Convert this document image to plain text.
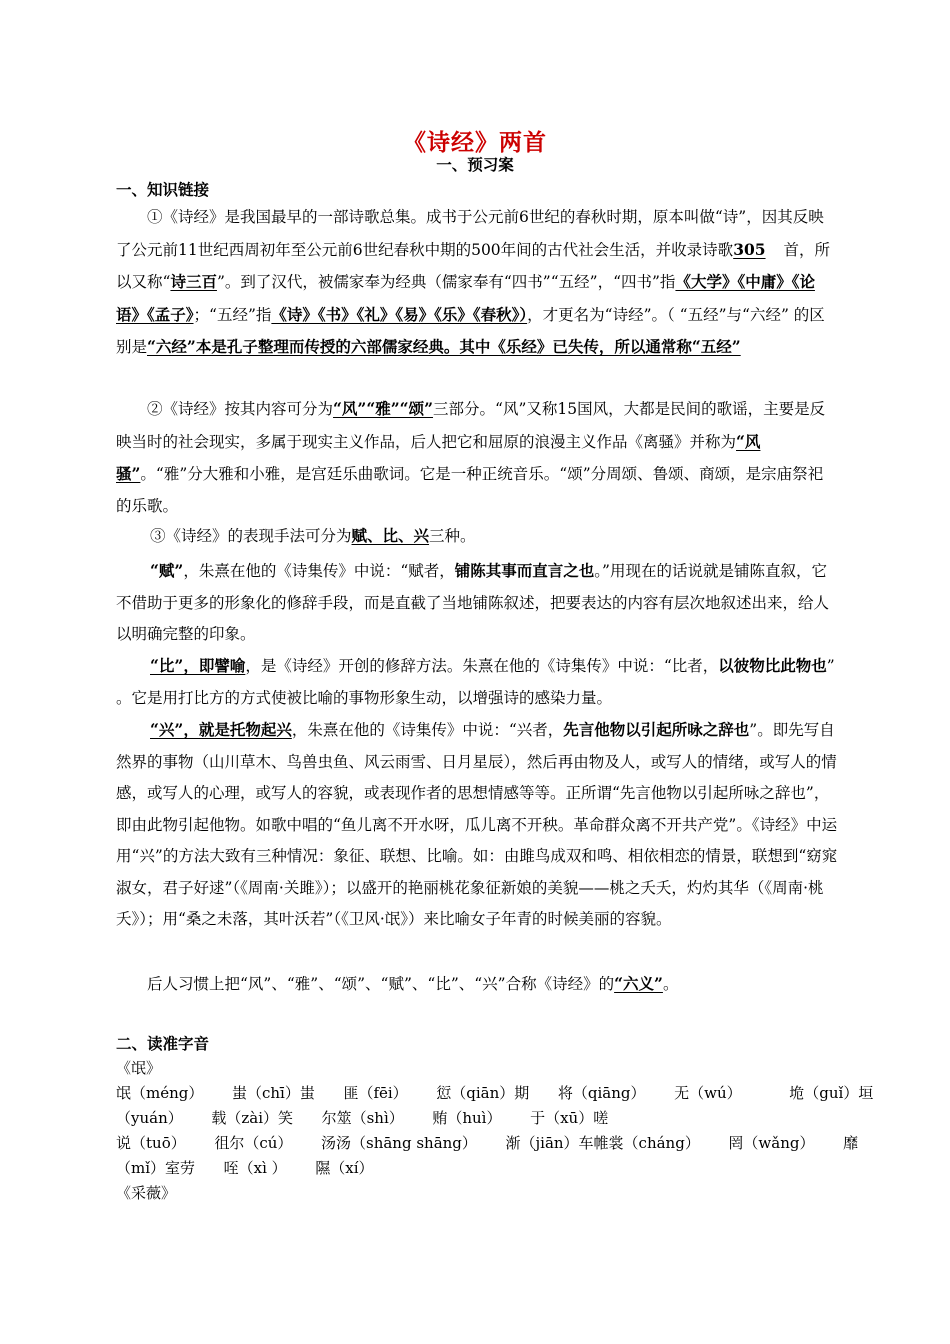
《诗经》两首
一、预习案
一、知识链接
①《诗经》是我国最早的一部诗歌总集。成书于公元前6世纪的春秋时期，原本叫做“诗”，因其反映了公元前11世纪西周初年至公元前6世纪春秋中期的500年间的古代社会生活，并收录诗歌305 首，所以又称“诗三百”。到了汉代，被儒家奉为经典（儒家奉有“四书”“五经”，“四书”指《大学》《中庸》《论语》《孟子》；“五经”指《诗》《书》《礼》《易》《乐》《春秋》），才更名为“诗经”。（ “五经”与“六经” 的区别是“六经”本是孔子整理而传授的六部儒家经典。其中《乐经》已失传，所以通常称“五经”
②《诗经》按其内容可分为“风”“雅”“颂”三部分。“风”又称15国风，大都是民间的歌谣，主要是反映当时的社会现实，多属于现实主义作品，后人把它和屈原的浪漫主义作品《离骚》并称为“风骚”。“雅”分大雅和小雅，是宫廷乐曲歌词。它是一种正统音乐。“颂”分周颂、鲁颂、商颂，是宗庙祭祀的乐歌。
③《诗经》的表现手法可分为赋、比、兴三种。
“赋”，朱熹在他的《诗集传》中说：“赋者，铺陈其事而直言之也。”用现在的话说就是铺陈直叙，它不借助于更多的形象化的修辞手段，而是直截了当地铺陈叙述，把要表达的内容有层次地叙述出来，给人以明确完整的印象。
“比”，即譬喻，是《诗经》开创的修辞方法。朱熹在他的《诗集传》中说：“比者，以彼物比此物也” 。它是用打比方的方式使被比喻的事物形象生动，以增强诗的感染力量。
“兴”，就是托物起兴，朱熹在他的《诗集传》中说：“兴者，先言他物以引起所咏之辞也”。即先写自然界的事物（山川草木、鸟兽虫鱼、风云雨雪、日月星辰），然后再由物及人，或写人的情绪，或写人的情感，或写人的心理，或写人的容貌，或表现作者的思想情感等等。正所谓“先言他物以引起所咏之辞也”，即由此物引起他物。如歌中唱的“鱼儿离不开水呀，瓜儿离不开秧。革命群众离不开共产党”。《诗经》中运用“兴”的方法大致有三种情况：象征、联想、比喻。如：由雎鸟成双和鸣、相依相恋的情景，联想到“窈窕淑女，君子好逑”（《周南·关雎》）；以盛开的艳丽桃花象征新娘的美貌——桃之夭夭，灼灼其华（《周南·桃夭》）；用“桑之未落，其叶沃若”（《卫风·氓》）来比喻女子年青的时候美丽的容貌。
后人习惯上把“风”、“雅”、“颂”、“赋”、“比”、“兴”合称《诗经》的“六义”。
二、读准字音
《氓》
氓（méng）      蚩（chī）蚩      匪（fēi）      愆（qiān）期      将（qiāng）      无（wú）          垝（guǐ）垣
（yuán）      载（zài）笑      尔筮（shì）      贿（huì）      于（xū）嗟
说（tuō）      徂尔（cú）      汤汤（shāng shāng）      渐（jiān）车帷裳（cháng）      罔（wǎng）      靡
（mǐ）室劳      咥（xì ）      隰（xí）
《采薇》
